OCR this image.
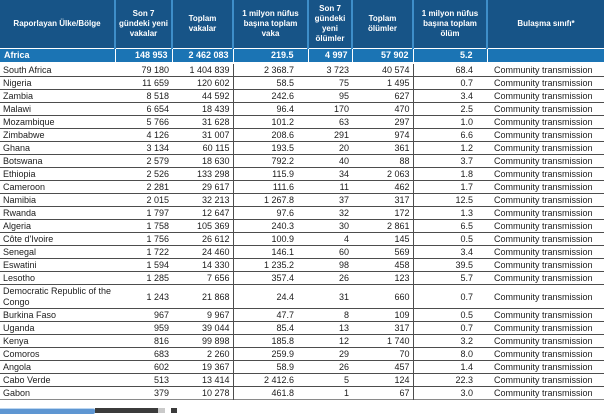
Raporlayan Ülke/Bölge	Son 7 gündeki yeni vakalar	Toplam vakalar	1 milyon nüfus başına toplam vaka	Son 7 gündeki yeni ölümler	Toplam ölümler	1 milyon nüfus başına toplam ölüm	Bulaşma sınıfı*
Africa	148 953	2 462 083	219.5	4 997	57 902	5.2	
South Africa	79 180	1 404 839	2 368.7	3 723	40 574	68.4	Community transmission
Nigeria	11 659	120 602	58.5	75	1 495	0.7	Community transmission
Zambia	8 518	44 592	242.6	95	627	3.4	Community transmission
Malawi	6 654	18 439	96.4	170	470	2.5	Community transmission
Mozambique	5 766	31 628	101.2	63	297	1.0	Community transmission
Zimbabwe	4 126	31 007	208.6	291	974	6.6	Community transmission
Ghana	3 134	60 115	193.5	20	361	1.2	Community transmission
Botswana	2 579	18 630	792.2	40	88	3.7	Community transmission
Ethiopia	2 526	133 298	115.9	34	2 063	1.8	Community transmission
Cameroon	2 281	29 617	111.6	11	462	1.7	Community transmission
Namibia	2 015	32 213	1 267.8	37	317	12.5	Community transmission
Rwanda	1 797	12 647	97.6	32	172	1.3	Community transmission
Algeria	1 758	105 369	240.3	30	2 861	6.5	Community transmission
Côte d'Ivoire	1 756	26 612	100.9	4	145	0.5	Community transmission
Senegal	1 722	24 460	146.1	60	569	3.4	Community transmission
Eswatini	1 594	14 330	1 235.2	98	458	39.5	Community transmission
Lesotho	1 285	7 656	357.4	26	123	5.7	Community transmission
Democratic Republic of the Congo	1 243	21 868	24.4	31	660	0.7	Community transmission
Burkina Faso	967	9 967	47.7	8	109	0.5	Community transmission
Uganda	959	39 044	85.4	13	317	0.7	Community transmission
Kenya	816	99 898	185.8	12	1 740	3.2	Community transmission
Comoros	683	2 260	259.9	29	70	8.0	Community transmission
Angola	602	19 367	58.9	26	457	1.4	Community transmission
Cabo Verde	513	13 414	2 412.6	5	124	22.3	Community transmission
Gabon	379	10 278	461.8	1	67	3.0	Community transmission
